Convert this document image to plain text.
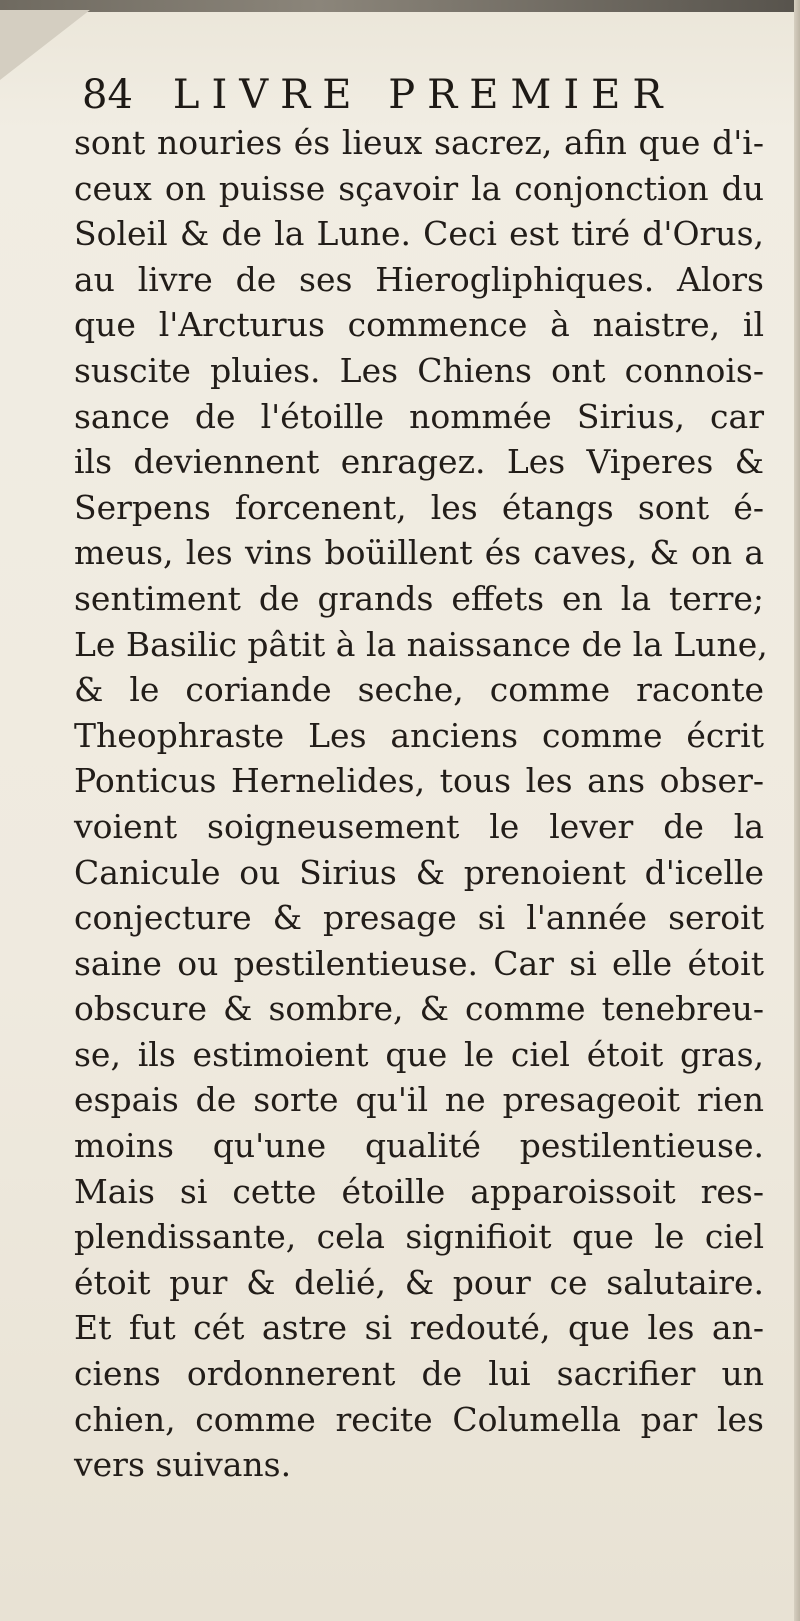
84 LIVRE PREMIER
sont nouries és lieux sacrez, afin que d'i-
ceux on puisse sçavoir la conjonction du
Soleil & de la Lune. Ceci est tiré d'Orus,
au livre de ses Hierogliphiques. Alors
que l'Arcturus commence à naistre, il
suscite pluies. Les Chiens ont connois-
sance de l'étoille nommée Sirius, car
ils deviennent enragez. Les Viperes &
Serpens forcenent, les étangs sont é-
meus, les vins boüillent és caves, & on a
sentiment de grands effets en la terre;
Le Basilic pâtit à la naissance de la Lune,
& le coriande seche, comme raconte
Theophraste Les anciens comme écrit
Ponticus Hernelides, tous les ans obser-
voient soigneusement le lever de la
Canicule ou Sirius & prenoient d'icelle
conjecture & presage si l'année seroit
saine ou pestilentieuse. Car si elle étoit
obscure & sombre, & comme tenebreu-
se, ils estimoient que le ciel étoit gras,
espais de sorte qu'il ne presageoit rien
moins qu'une qualité pestilentieuse.
Mais si cette étoille apparoissoit res-
plendissante, cela signifioit que le ciel
étoit pur & delié, & pour ce salutaire.
Et fut cét astre si redouté, que les an-
ciens ordonnerent de lui sacrifier un
chien, comme recite Columella par les
vers suivans.
